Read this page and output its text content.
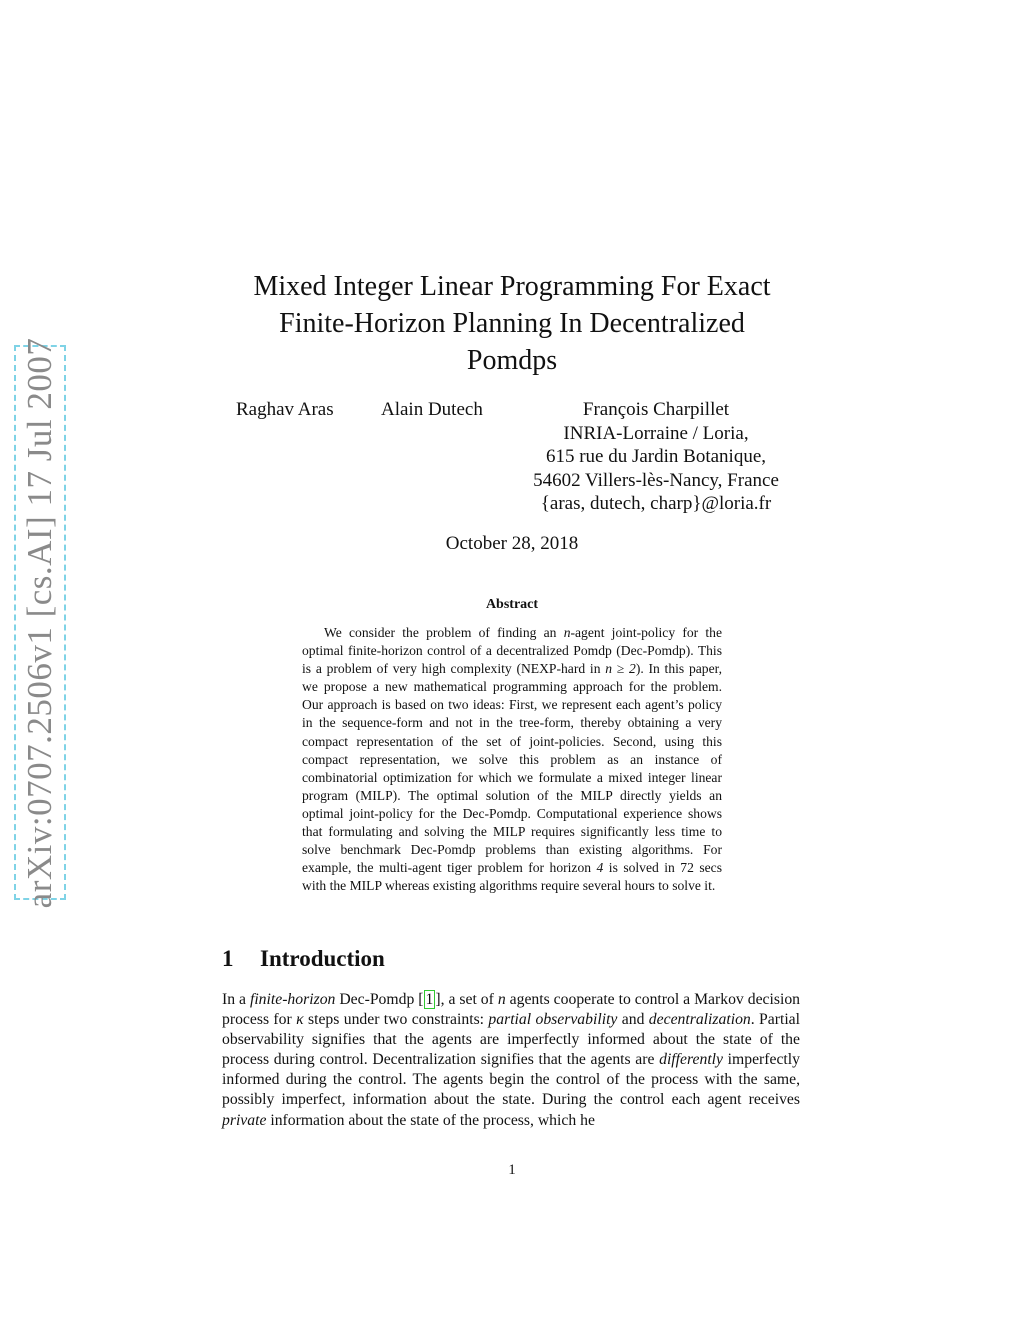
arXiv:0707.2506v1 [cs.AI] 17 Jul 2007
Mixed Integer Linear Programming For Exact
Finite-Horizon Planning In Decentralized
Pomdps
Raghav Aras Alain Dutech	François Charpillet
INRIA-Lorraine / Loria,
615 rue du Jardin Botanique,
54602 Villers-lès-Nancy, France
{aras, dutech, charp}@loria.fr
October 28, 2018
Abstract
We consider the problem of finding an n-agent joint-policy for the optimal finite-horizon control of a decentralized Pomdp (Dec-Pomdp). This is a problem of very high complexity (NEXP-hard in n ≥ 2). In this paper, we propose a new mathematical programming approach for the problem. Our approach is based on two ideas: First, we represent each agent’s policy in the sequence-form and not in the tree-form, thereby obtaining a very compact representation of the set of joint-policies. Second, using this compact representation, we solve this problem as an instance of combinatorial optimization for which we formulate a mixed integer linear program (MILP). The optimal solution of the MILP directly yields an optimal joint-policy for the Dec-Pomdp. Computational experience shows that formulating and solving the MILP requires significantly less time to solve benchmark Dec-Pomdp problems than existing algorithms. For example, the multi-agent tiger problem for horizon 4 is solved in 72 secs with the MILP whereas existing algorithms require several hours to solve it.
1 Introduction
In a finite-horizon Dec-Pomdp [ 1 ], a set of n agents cooperate to control a Markov decision process for κ steps under two constraints: partial observability and decentralization. Partial observability signifies that the agents are imperfectly informed about the state of the process during control. Decentralization signifies that the agents are differently imperfectly informed during the control. The agents begin the control of the process with the same, possibly imperfect, information about the state. During the control each agent receives private information about the state of the process, which he
1
